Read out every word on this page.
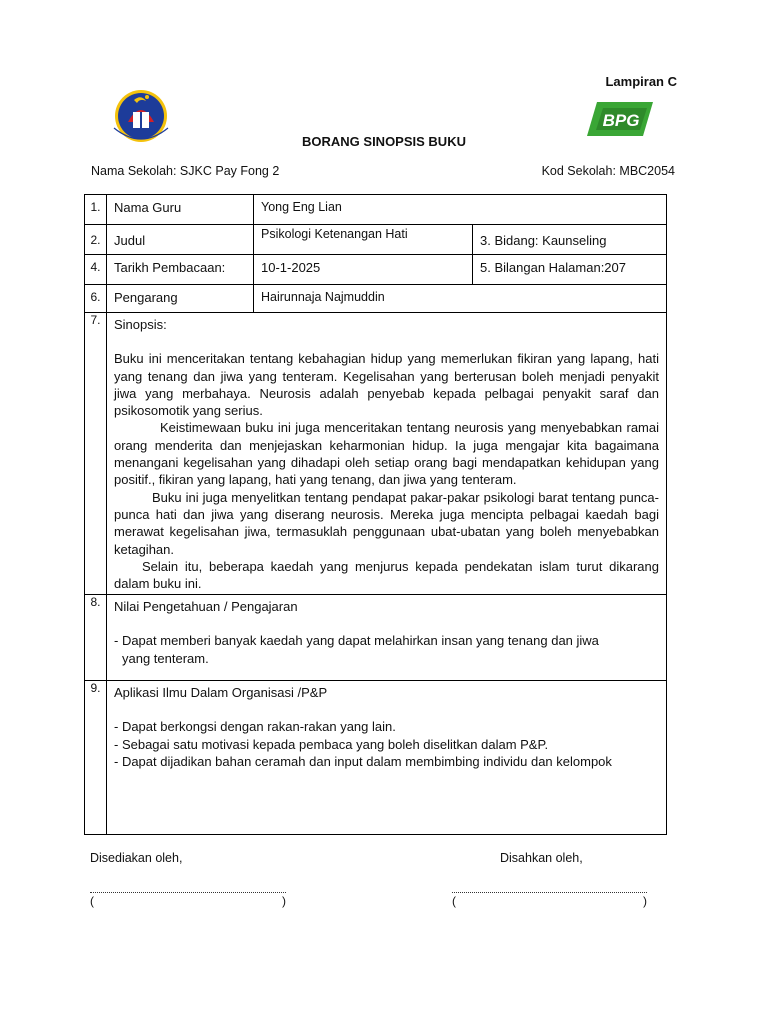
Lampiran C
BPG
BORANG SINOPSIS BUKU
Nama Sekolah: SJKC Pay Fong 2	Kod Sekolah: MBC2054
1.	Nama Guru	Yong Eng Lian	

2.	Judul	Psikologi Ketenangan Hati	3. Bidang: Kaunseling

4.	Tarikh Pembacaan:	10-1-2025	5. Bilangan Halaman:207

6.	Pengarang	Hairunnaja Najmuddin	

7.	Sinopsis:

Buku ini menceritakan tentang kebahagian hidup yang memerlukan fikiran yang lapang, hati yang tenang dan jiwa yang tenteram. Kegelisahan yang berterusan boleh menjadi penyakit jiwa yang merbahaya. Neurosis adalah penyebab kepada pelbagai penyakit saraf dan psikosomotik yang serius.

Keistimewaan buku ini juga menceritakan tentang neurosis yang menyebabkan ramai orang menderita dan menjejaskan keharmonian hidup. Ia juga mengajar kita bagaimana menangani kegelisahan yang dihadapi oleh setiap orang bagi mendapatkan kehidupan yang positif., fikiran yang lapang, hati yang tenang, dan jiwa yang tenteram.

Buku ini juga menyelitkan tentang pendapat pakar-pakar psikologi barat tentang punca-punca hati dan jiwa yang diserang neurosis. Mereka juga mencipta pelbagai kaedah bagi merawat kegelisahan jiwa, termasuklah penggunaan ubat-ubatan yang boleh menyebabkan ketagihan.

Selain itu, beberapa kaedah yang menjurus kepada pendekatan islam turut dikarang dalam buku ini.		

8.	Nilai Pengetahuan / Pengajaran

- Dapat memberi banyak kaedah yang dapat melahirkan insan yang tenang dan jiwa

yang tenteram.		

9.	Aplikasi Ilmu Dalam Organisasi /P&P

- Dapat berkongsi dengan rakan-rakan yang lain.

- Sebagai satu motivasi kepada pembaca yang boleh diselitkan dalam P&P.

- Dapat dijadikan bahan ceramah dan input dalam membimbing individu dan kelompok		

Disediakan oleh,	Disahkan oleh,
(	)	(	)
